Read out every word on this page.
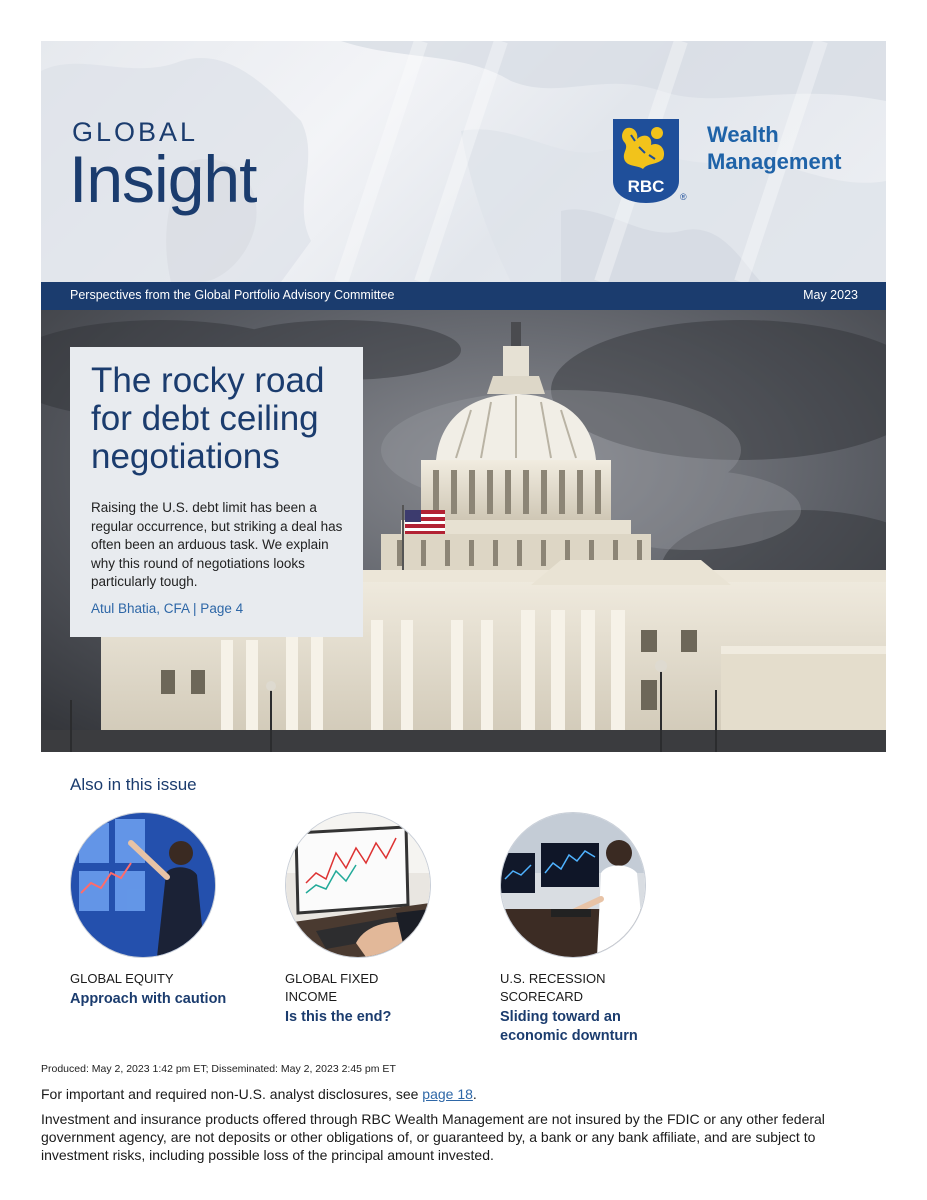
GLOBAL
Insight	RBC
®
Wealth
Management
Perspectives from the Global Portfolio Advisory Committee	May 2023
The rocky road for debt ceiling negotiations
Raising the U.S. debt limit has been a regular occurrence, but striking a deal has often been an arduous task. We explain why this round of negotiations looks particularly tough.
Atul Bhatia, CFA | Page 4
Also in this issue
GLOBAL EQUITY
Approach with caution
GLOBAL FIXED INCOME
Is this the end?
U.S. RECESSION SCORECARD
Sliding toward an economic downturn
Produced: May 2, 2023 1:42 pm ET; Disseminated: May 2, 2023 2:45 pm ET
For important and required non-U.S. analyst disclosures, see page 18.
Investment and insurance products offered through RBC Wealth Management are not insured by the FDIC or any other federal government agency, are not deposits or other obligations of, or guaranteed by, a bank or any bank affiliate, and are subject to investment risks, including possible loss of the principal amount invested.
